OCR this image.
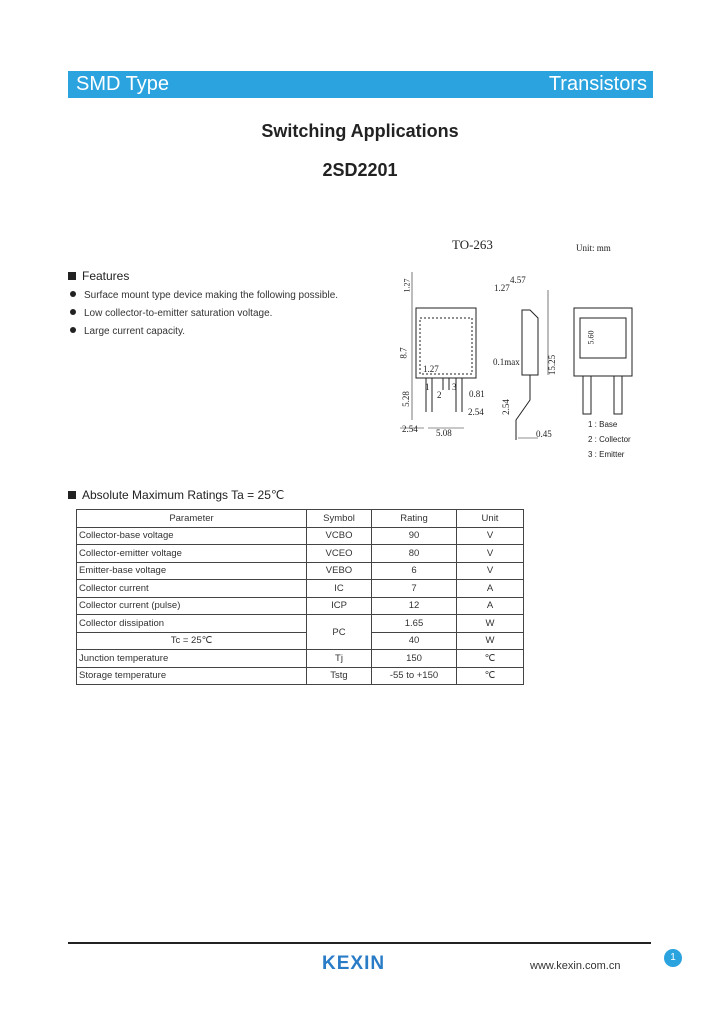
SMD Type	Transistors
Switching Applications
2SD2201
TO-263	Unit: mm
1.27	4.57
1.27
8.7
0.1max	15.25
5.28	0.81
2.54
2.54 5.08
2.54
0.45
5.60
1.27
1
2
3
1 : Base
2 : Collector
3 : Emitter
Features
Surface mount type device making the following possible.
Low collector-to-emitter saturation voltage.
Large current capacity.
Absolute Maximum Ratings Ta = 25℃
Parameter	Symbol	Rating	Unit
Collector-base voltage	VCBO	90	V
Collector-emitter voltage	VCEO	80	V
Emitter-base voltage	VEBO	6	V
Collector current	IC	7	A
Collector current (pulse)	ICP	12	A
Collector dissipation	PC	1.65	W
Tc = 25℃		40	W
Junction temperature	Tj	150	℃
Storage temperature	Tstg	-55 to +150	℃
KEXIN	www.kexin.com.cn
1
